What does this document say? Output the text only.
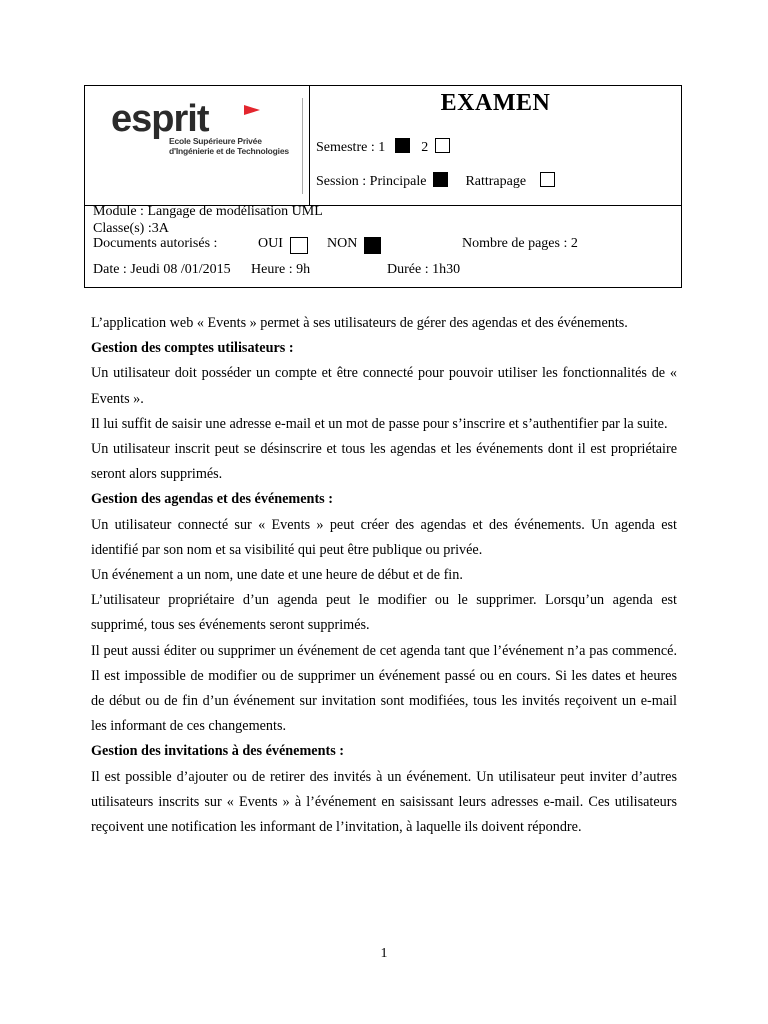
esprit
Ecole Supérieure Privée
d'Ingénierie et de Technologies
EXAMEN
Semestre : 1	2
Session : Principale	Rattrapage
Module : Langage de modélisation UML
Classe(s) :3A
Documents autorisés :	OUI	NON	Nombre de pages : 2
Date : Jeudi 08 /01/2015 Heure : 9h	Durée : 1h30

L’application web « Events » permet à ses utilisateurs de gérer des agendas et des événements.

Gestion des comptes utilisateurs :

Un utilisateur doit posséder un compte et être connecté pour pouvoir utiliser les fonctionnalités de « Events ».

Il lui suffit de saisir une adresse e-mail et un mot de passe pour s’inscrire et s’authentifier par la suite.

Un utilisateur inscrit peut se désinscrire et tous les agendas et les événements dont il est propriétaire seront alors supprimés.

Gestion des agendas et des événements :

Un utilisateur connecté sur « Events » peut créer des agendas et des événements. Un agenda est identifié par son nom et sa visibilité qui peut être publique ou privée.

Un événement a un nom, une date et une heure de début et de fin.

L’utilisateur propriétaire d’un agenda peut le modifier ou le supprimer. Lorsqu’un agenda est supprimé, tous ses événements seront supprimés.

Il peut aussi éditer ou supprimer un événement de cet agenda tant que l’événement n’a pas commencé. Il est impossible de modifier ou de supprimer un événement passé ou en cours. Si les dates et heures de début ou de fin d’un événement sur invitation sont modifiées, tous les invités reçoivent un e-mail les informant de ces changements.

Gestion des invitations à des événements :

Il est possible d’ajouter ou de retirer des invités à un événement. Un utilisateur peut inviter d’autres utilisateurs inscrits sur « Events » à l’événement en saisissant leurs adresses e-mail. Ces utilisateurs reçoivent une notification les informant de l’invitation, à laquelle ils doivent répondre.

1
